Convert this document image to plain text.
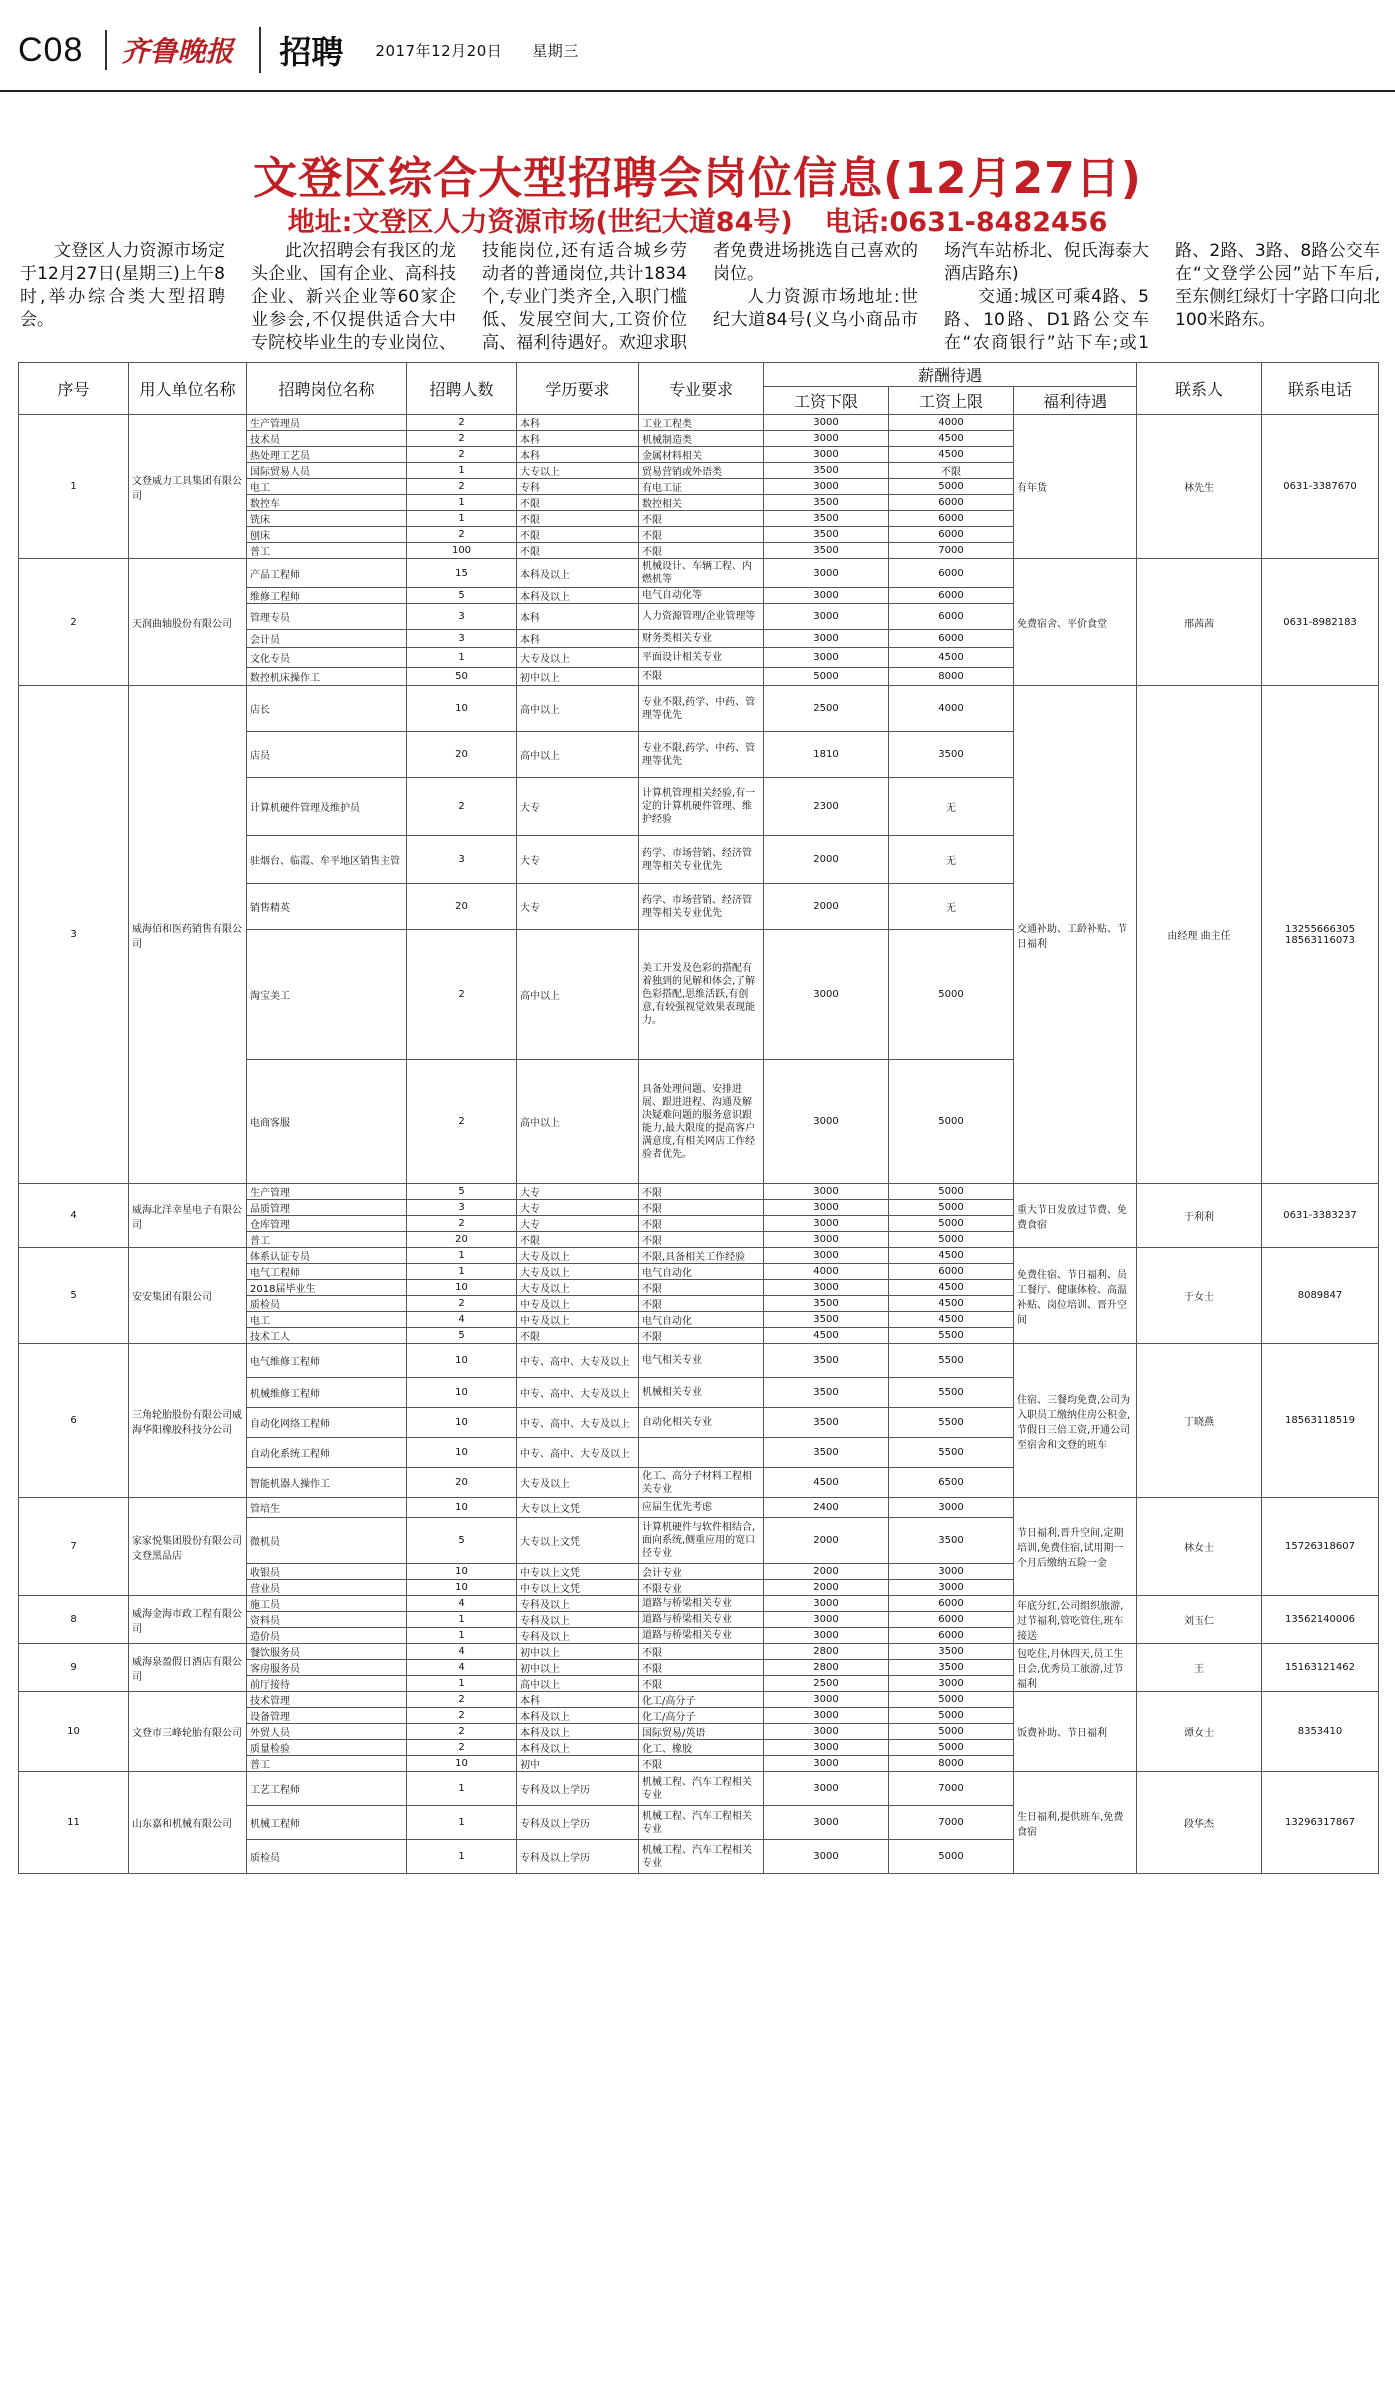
C08	齐鲁晚报	招聘 2017年12月20日 星期三
文登区综合大型招聘会岗位信息(12月27日)
地址:文登区人力资源市场(世纪大道84号) 电话:0631-8482456

文登区人力资源市场定于12月27日(星期三)上午8时,举办综合类大型招聘会。

此次招聘会有我区的龙头企业、国有企业、高科技企业、新兴企业等60家企业参会,不仅提供适合大中专院校毕业生的专业岗位、技能岗位,还有适合城乡劳动者的普通岗位,共计1834个,专业门类齐全,入职门槛低、发展空间大,工资价位高、福利待遇好。欢迎求职者免费进场挑选自己喜欢的岗位。

人力资源市场地址:世纪大道84号(义乌小商品市场汽车站桥北、倪氏海泰大酒店路东)

交通:城区可乘4路、5路、10路、D1路公交车在“农商银行”站下车;或1路、2路、3路、8路公交车在“文登学公园”站下车后,至东侧红绿灯十字路口向北100米路东。

序号	用人单位名称	招聘岗位名称	招聘人数	学历要求	专业要求	薪酬待遇			联系人	联系电话
						工资下限	工资上限	福利待遇		
1	文登威力工具集团有限公司	生产管理员	2	本科	工业工程类	3000	4000	有年货	林先生	0631-3387670
		技术员	2	本科	机械制造类	3000	4500			
		热处理工艺员	2	本科	金属材料相关	3000	4500			
		国际贸易人员	1	大专以上	贸易营销或外语类	3500	不限			
		电工	2	专科	有电工证	3000	5000			
		数控车	1	不限	数控相关	3500	6000			
		铣床	1	不限	不限	3500	6000			
		刨床	2	不限	不限	3500	6000			
		普工	100	不限	不限	3500	7000			
2	天润曲轴股份有限公司	产品工程师	15	本科及以上	机械设计、车辆工程、内燃机等	3000	6000	免费宿舍、平价食堂	邢茜茜	0631-8982183
		维修工程师	5	本科及以上	电气自动化等	3000	6000			
		管理专员	3	本科	人力资源管理/企业管理等	3000	6000			
		会计员	3	本科	财务类相关专业	3000	6000			
		文化专员	1	大专及以上	平面设计相关专业	3000	4500			
		数控机床操作工	50	初中以上	不限	5000	8000			
3	威海佰和医药销售有限公司	店长	10	高中以上	专业不限,药学、中药、管理等优先	2500	4000	交通补助、工龄补贴、节日福利	由经理 曲主任	13255666305 18563116073
		店员	20	高中以上	专业不限,药学、中药、管理等优先	1810	3500			
		计算机硬件管理及维护员	2	大专	计算机管理相关经验,有一定的计算机硬件管理、维护经验	2300	无			
		驻烟台、临霞、牟平地区销售主管	3	大专	药学、市场营销、经济管理等相关专业优先	2000	无			
		销售精英	20	大专	药学、市场营销、经济管理等相关专业优先	2000	无			
		淘宝美工	2	高中以上	美工开发及色彩的搭配有着独到的见解和体会,了解色彩搭配,思维活跃,有创意,有较强视觉效果表现能力。	3000	5000			
		电商客服	2	高中以上	具备处理问题、安排进展、跟进进程、沟通及解决疑难问题的服务意识跟能力,最大限度的提高客户满意度,有相关网店工作经验者优先。	3000	5000			
4	威海北洋幸星电子有限公司	生产管理	5	大专	不限	3000	5000	重大节日发放过节费、免费食宿	于利利	0631-3383237
		品质管理	3	大专	不限	3000	5000			
		仓库管理	2	大专	不限	3000	5000			
		普工	20	不限	不限	3000	5000			
5	安安集团有限公司	体系认证专员	1	大专及以上	不限,具备相关工作经验	3000	4500	免费住宿、节日福利、员工餐厅、健康体检、高温补贴、岗位培训、晋升空间	于女士	8089847
		电气工程师	1	大专及以上	电气自动化	4000	6000			
		2018届毕业生	10	大专及以上	不限	3000	4500			
		质检员	2	中专及以上	不限	3500	4500			
		电工	4	中专及以上	电气自动化	3500	4500			
		技术工人	5	不限	不限	4500	5500			
6	三角轮胎股份有限公司威海华阳橡胶科技分公司	电气维修工程师	10	中专、高中、大专及以上	电气相关专业	3500	5500	住宿、三餐均免费,公司为入职员工缴纳住房公积金,节假日三倍工资,开通公司至宿舍和文登的班车	丁晓燕	18563118519
		机械维修工程师	10	中专、高中、大专及以上	机械相关专业	3500	5500			
		自动化网络工程师	10	中专、高中、大专及以上	自动化相关专业	3500	5500			
		自动化系统工程师	10	中专、高中、大专及以上		3500	5500			
		智能机器人操作工	20	大专及以上	化工、高分子材料工程相关专业	4500	6500			
7	家家悦集团股份有限公司文登黑品店	管培生	10	大专以上文凭	应届生优先考虑	2400	3000	节日福利,晋升空间,定期培训,免费住宿,试用期一个月后缴纳五险一金	林女士	15726318607
		微机员	5	大专以上文凭	计算机硬件与软件相结合,面向系统,侧重应用的宽口径专业	2000	3500			
		收银员	10	中专以上文凭	会计专业	2000	3000			
		营业员	10	中专以上文凭	不限专业	2000	3000			
8	威海金海市政工程有限公司	施工员	4	专科及以上	道路与桥梁相关专业	3000	6000	年底分红,公司组织旅游,过节福利,管吃管住,班车接送	刘玉仁	13562140006
		资料员	1	专科及以上	道路与桥梁相关专业	3000	6000			
		造价员	1	专科及以上	道路与桥梁相关专业	3000	6000			
9	威海泉盈假日酒店有限公司	餐饮服务员	4	初中以上	不限	2800	3500	包吃住,月休四天,员工生日会,优秀员工旅游,过节福利	王	15163121462
		客房服务员	4	初中以上	不限	2800	3500			
		前厅接待	1	高中以上	不限	2500	3000			
10	文登市三峰轮胎有限公司	技术管理	2	本科	化工/高分子	3000	5000	饭费补助、节日福利	谭女士	8353410
		设备管理	2	本科及以上	化工/高分子	3000	5000			
		外贸人员	2	本科及以上	国际贸易/英语	3000	5000			
		质量检验	2	本科及以上	化工、橡胶	3000	5000			
		普工	10	初中	不限	3000	8000			
11	山东嘉和机械有限公司	工艺工程师	1	专科及以上学历	机械工程、汽车工程相关专业	3000	7000	生日福利,提供班车,免费食宿	段华杰	13296317867
		机械工程师	1	专科及以上学历	机械工程、汽车工程相关专业	3000	7000			
		质检员	1	专科及以上学历	机械工程、汽车工程相关专业	3000	5000			
